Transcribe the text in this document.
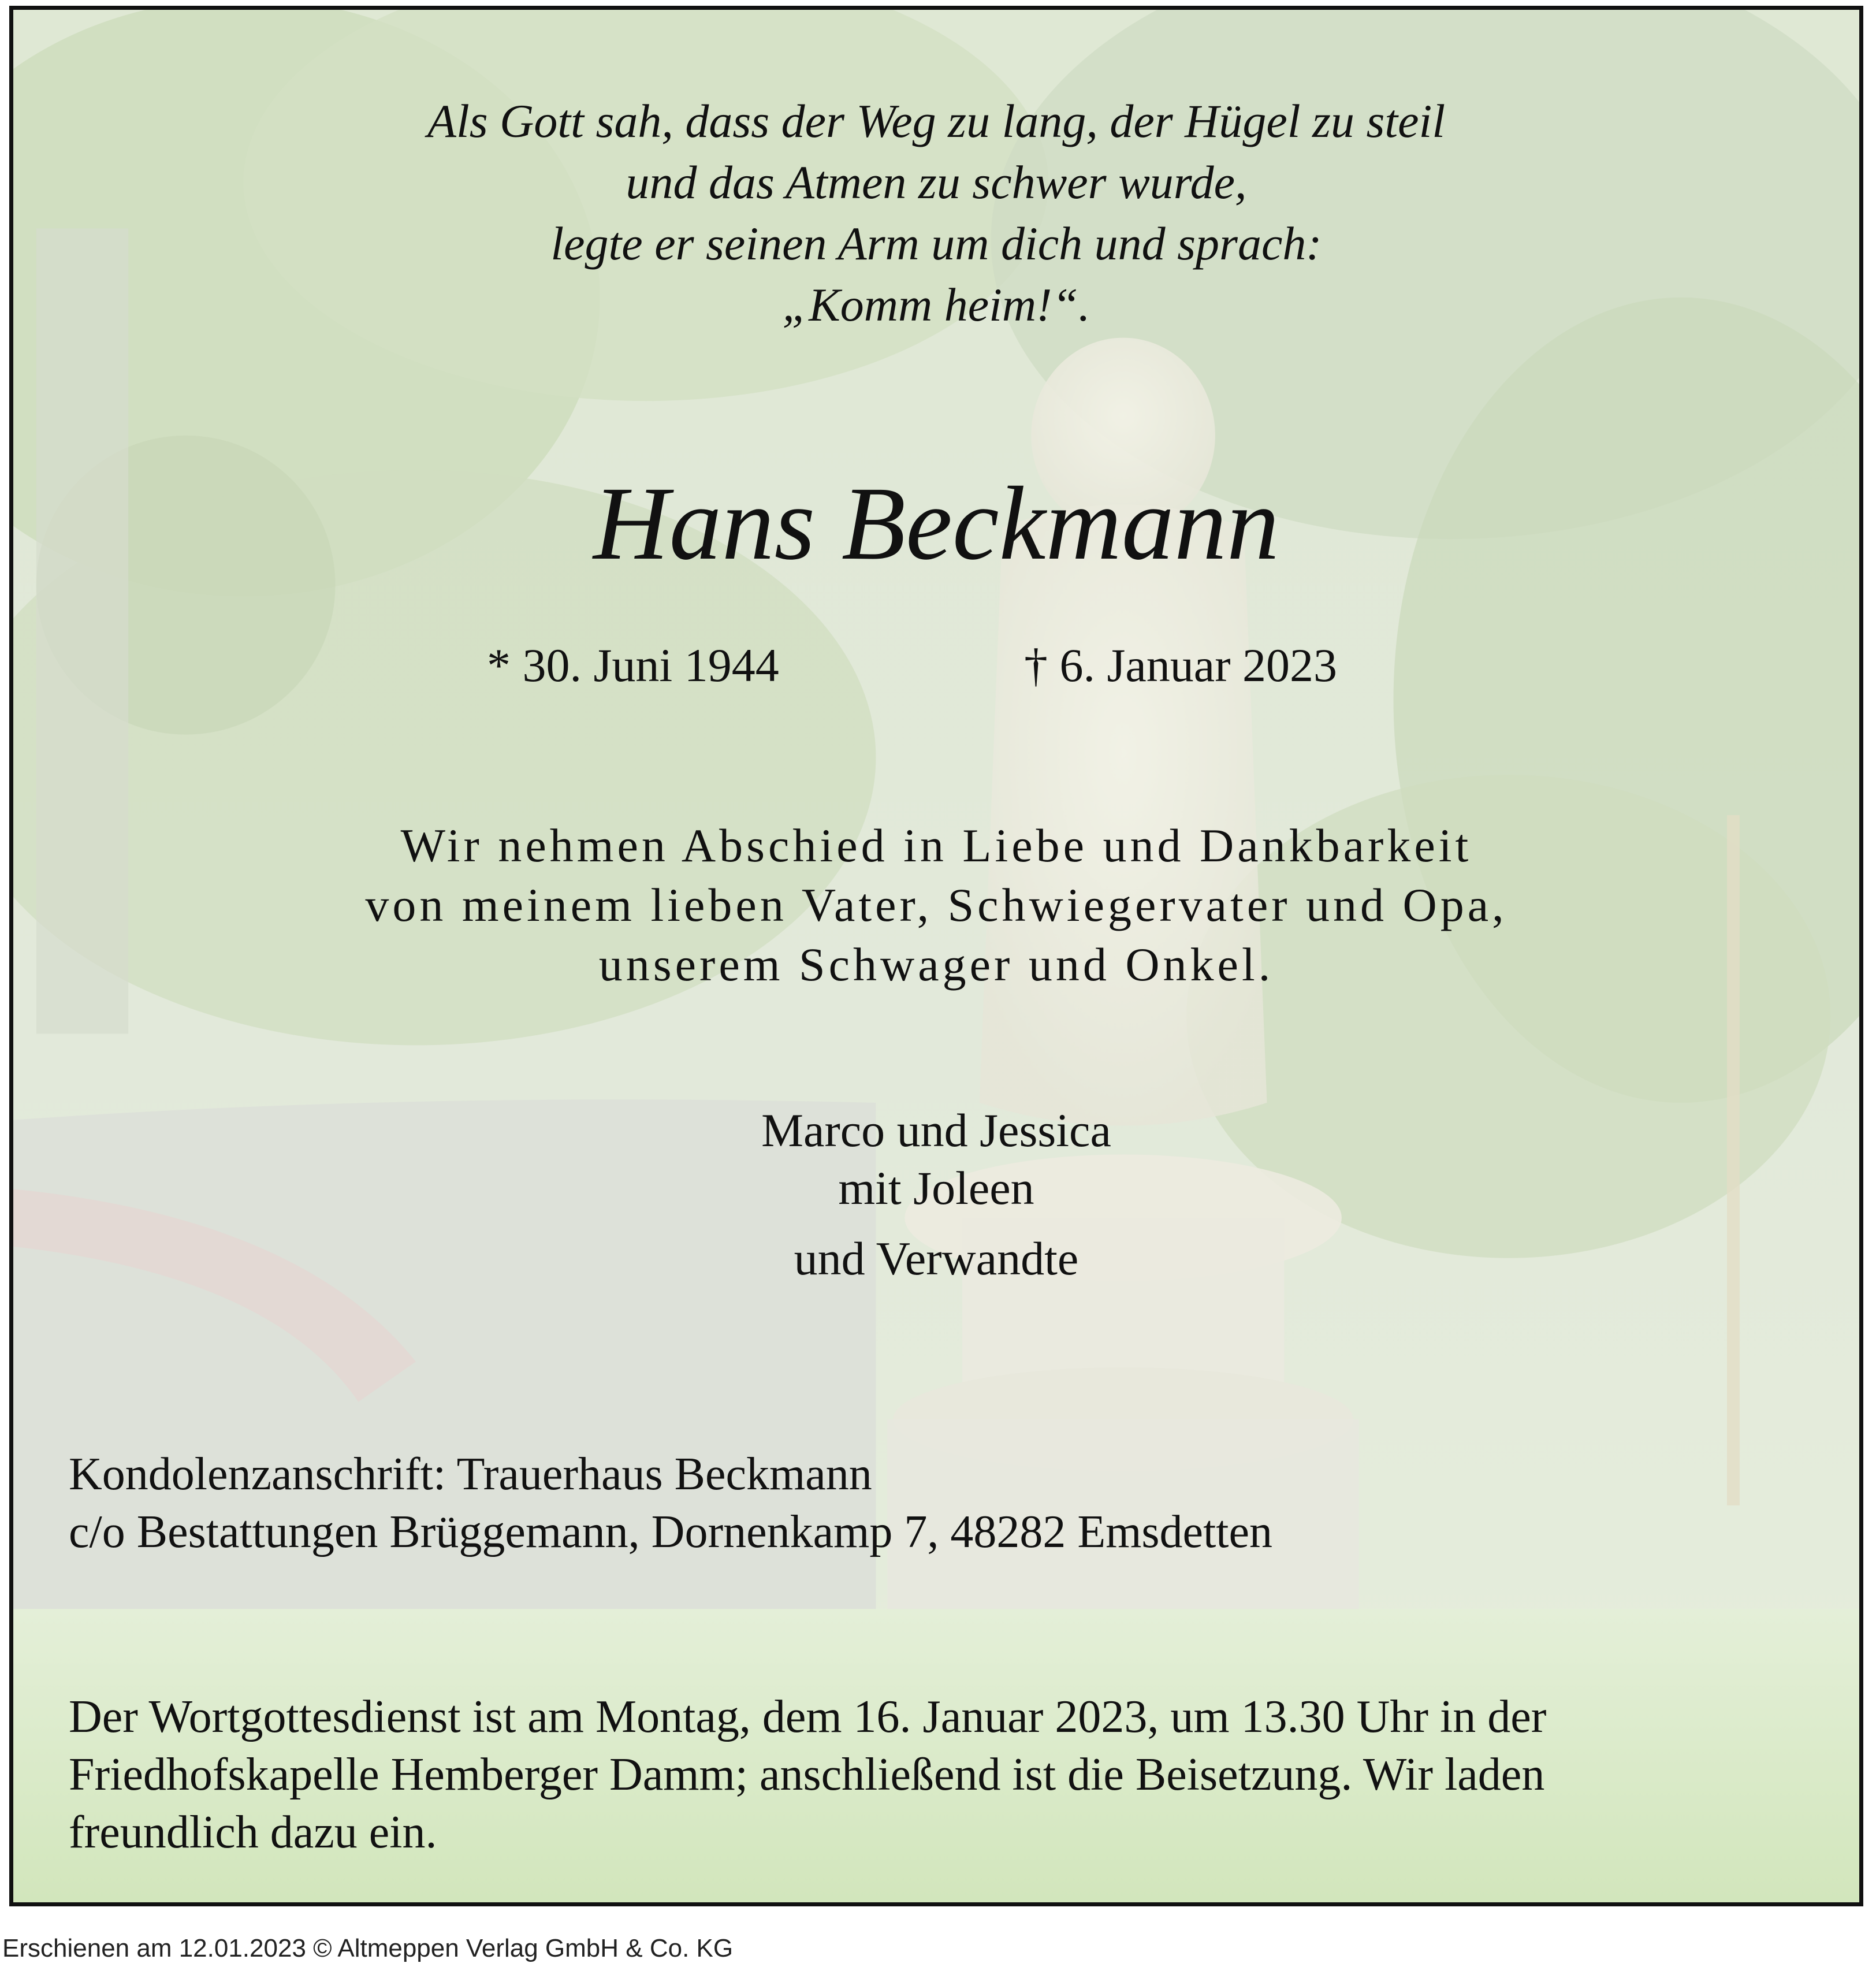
Als Gott sah, dass der Weg zu lang, der Hügel zu steil
und das Atmen zu schwer wurde,
legte er seinen Arm um dich und sprach:
„Komm heim!“.
Hans Beckmann
* 30. Juni 1944	† 6. Januar 2023
Wir nehmen Abschied in Liebe und Dankbarkeit
von meinem lieben Vater, Schwiegervater und Opa,
unserem Schwager und Onkel.
Marco und Jessica
mit Joleen
und Verwandte
Kondolenzanschrift: Trauerhaus Beckmann
c/o Bestattungen Brüggemann, Dornenkamp 7, 48282 Emsdetten
Der Wortgottesdienst ist am Montag, dem 16. Januar 2023, um 13.30 Uhr in der
Friedhofskapelle Hemberger Damm; anschließend ist die Beisetzung. Wir laden
freundlich dazu ein.
Erschienen am 12.01.2023 © Altmeppen Verlag GmbH & Co. KG
